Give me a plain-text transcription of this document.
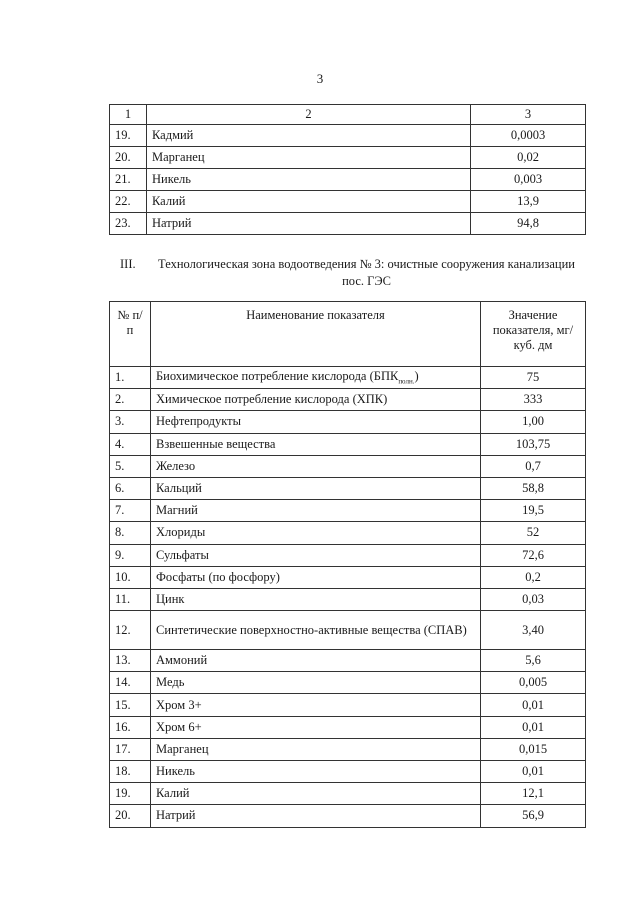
3
1	2	3
19.	Кадмий	0,0003
20.	Марганец	0,02
21.	Никель	0,003
22.	Калий	13,9
23.	Натрий	94,8
III.	Технологическая зона водоотведения № 3: очистные сооружения канализации пос. ГЭС
№ п/п	Наименование показателя	Значение показателя, мг/куб. дм
1.	Биохимическое потребление кислорода $(БПК_{полн.})$	75
2.	Химическое потребление кислорода (ХПК)	333
3.	Нефтепродукты	1,00
4.	Взвешенные вещества	103,75
5.	Железо	0,7
6.	Кальций	58,8
7.	Магний	19,5
8.	Хлориды	52
9.	Сульфаты	72,6
10.	Фосфаты (по фосфору)	0,2
11.	Цинк	0,03
12.	Синтетические поверхностно-активные вещества (СПАВ)	3,40
13.	Аммоний	5,6
14.	Медь	0,005
15.	Хром 3+	0,01
16.	Хром 6+	0,01
17.	Марганец	0,015
18.	Никель	0,01
19.	Калий	12,1
20.	Натрий	56,9
